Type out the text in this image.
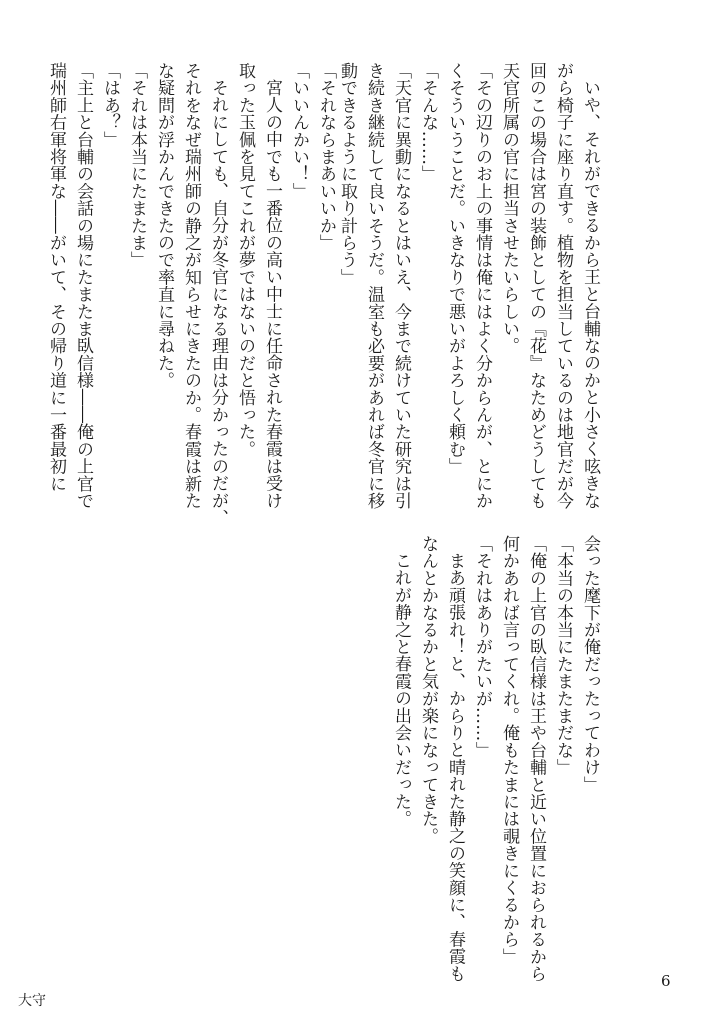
いや、それができるから王と台輔なのかと小さく呟きな
がら椅子に座り直す。植物を担当しているのは地官だが今
回のこの場合は宮の装飾としての『花』なためどうしても
天官所属の官に担当させたいらしい。
「その辺りのお上の事情は俺にはよく分からんが、とにか
くそういうことだ。いきなりで悪いがよろしく頼む」
「そんな……」
「天官に異動になるとはいえ、今まで続けていた研究は引
き続き継続して良いそうだ。温室も必要があれば冬官に移
動できるように取り計らう」
「それならまあいいか」
「いいんかい！」
宮人の中でも一番位の高い中士に任命された春霞は受け
取った玉佩を見てこれが夢ではないのだと悟った。
それにしても、自分が冬官になる理由は分かったのだが、
それをなぜ瑞州師の静之が知らせにきたのか。春霞は新た
な疑問が浮かんできたので率直に尋ねた。
「それは本当にたまたま」
「はあ？」
「主上と台輔の会話の場にたまたま臥信様――俺の上官で
瑞州師右軍将軍な――がいて、その帰り道に一番最初に
会った麾下が俺だったってわけ」
「本当の本当にたまたまだな」
「俺の上官の臥信様は王や台輔と近い位置におられるから
何かあれば言ってくれ。俺もたまには覗きにくるから」
「それはありがたいが……」
まあ頑張れ！と、からりと晴れた静之の笑顔に、春霞も
なんとかなるかと気が楽になってきた。
これが静之と春霞の出会いだった。
6
大守
